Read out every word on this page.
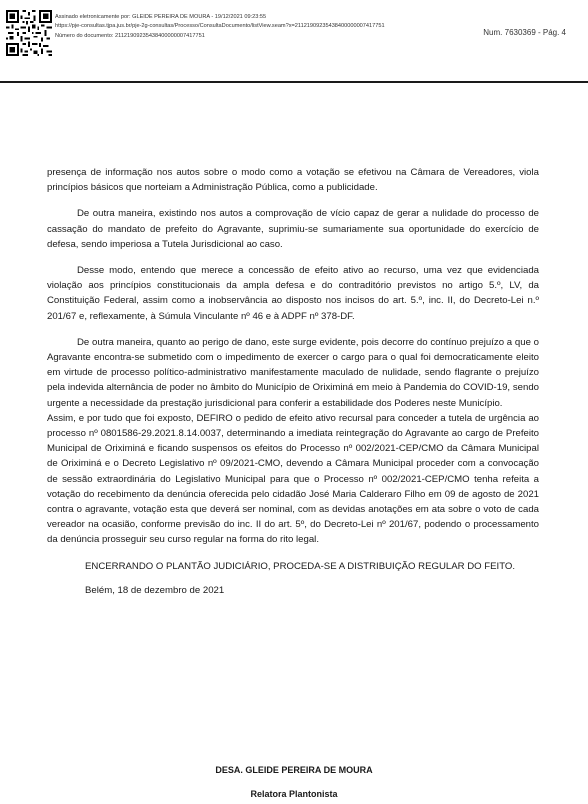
Assinado eletronicamente por: GLEIDE PEREIRA DE MOURA - 19/12/2021 09:23:55
https://pje-consultas.tjpa.jus.br/pje-2g-consultas/Processo/ConsultaDocumento/listView.seam?x=21121909235438400000007417751
Número do documento: 21121909235438400000007417751	Num. 7630369 - Pág. 4

presença de informação nos autos sobre o modo como a votação se efetivou na Câmara de Vereadores, viola princípios básicos que norteiam a Administração Pública, como a publicidade.

De outra maneira, existindo nos autos a comprovação de vício capaz de gerar a nulidade do processo de cassação do mandato de prefeito do Agravante, suprimiu-se sumariamente sua oportunidade do exercício de defesa, sendo imperiosa a Tutela Jurisdicional ao caso.

Desse modo, entendo que merece a concessão de efeito ativo ao recurso, uma vez que evidenciada violação aos princípios constitucionais da ampla defesa e do contraditório previstos no artigo 5.º, LV, da Constituição Federal, assim como a inobservância ao disposto nos incisos do art. 5.º, inc. II, do Decreto-Lei n.º 201/67 e, reflexamente, à Súmula Vinculante nº 46 e à ADPF nº 378-DF.

De outra maneira, quanto ao perigo de dano, este surge evidente, pois decorre do contínuo prejuízo a que o Agravante encontra-se submetido com o impedimento de exercer o cargo para o qual foi democraticamente eleito em virtude de processo político-administrativo manifestamente maculado de nulidade, sendo flagrante o prejuízo pela indevida alternância de poder no âmbito do Município de Oriximiná em meio à Pandemia do COVID-19, sendo urgente a necessidade da prestação jurisdicional para conferir a estabilidade dos Poderes neste Município.

Assim, e por tudo que foi exposto, DEFIRO o pedido de efeito ativo recursal para conceder a tutela de urgência ao processo nº 0801586-29.2021.8.14.0037, determinando a imediata reintegração do Agravante ao cargo de Prefeito Municipal de Oriximiná e ficando suspensos os efeitos do Processo nº 002/2021-CEP/CMO da Câmara Municipal de Oriximiná e o Decreto Legislativo nº 09/2021-CMO, devendo a Câmara Municipal proceder com a convocação de sessão extraordinária do Legislativo Municipal para que o Processo nº 002/2021-CEP/CMO tenha refeita a votação do recebimento da denúncia oferecida pelo cidadão José Maria Calderaro Filho em 09 de agosto de 2021 contra o agravante, votação esta que deverá ser nominal, com as devidas anotações em ata sobre o voto de cada vereador na ocasião, conforme previsão do inc. II do art. 5º, do Decreto-Lei nº 201/67, podendo o processamento da denúncia prosseguir seu curso regular na forma do rito legal.

ENCERRANDO O PLANTÃO JUDICIÁRIO, PROCEDA-SE A DISTRIBUIÇÃO REGULAR DO FEITO.

Belém, 18 de dezembro de 2021

DESA. GLEIDE PEREIRA DE MOURA
Relatora Plantonista
